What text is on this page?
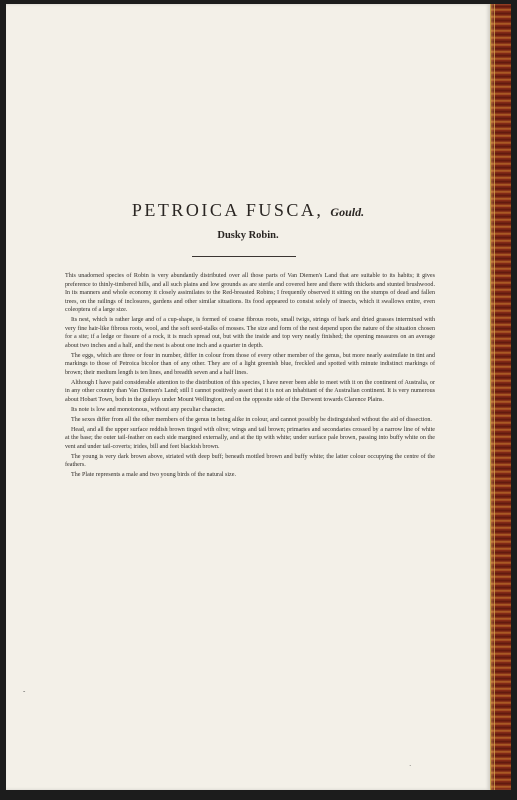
PETROICA FUSCA, Gould.
Dusky Robin.

This unadorned species of Robin is very abundantly distributed over all those parts of Van Diemen's Land that are suitable to its habits; it gives preference to thinly-timbered hills, and all such plains and low grounds as are sterile and covered here and there with thickets and stunted brushwood. In its manners and whole economy it closely assimilates to the Red-breasted Robins; I frequently observed it sitting on the stumps of dead and fallen trees, on the railings of inclosures, gardens and other similar situations. Its food appeared to consist solely of insects, which it swallows entire, even coleoptera of a large size.

Its nest, which is rather large and of a cup-shape, is formed of coarse fibrous roots, small twigs, strings of bark and dried grasses intermixed with very fine hair-like fibrous roots, wool, and the soft seed-stalks of mosses. The size and form of the nest depend upon the nature of the situation chosen for a site; if a ledge or fissure of a rock, it is much spread out, but with the inside and top very neatly finished; the opening measures on an average about two inches and a half, and the nest is about one inch and a quarter in depth.

The eggs, which are three or four in number, differ in colour from those of every other member of the genus, but more nearly assimilate in tint and markings to those of Petroica bicolor than of any other. They are of a light greenish blue, freckled and spotted with minute indistinct markings of brown; their medium length is ten lines, and breadth seven and a half lines.

Although I have paid considerable attention to the distribution of this species, I have never been able to meet with it on the continent of Australia, or in any other country than Van Diemen's Land; still I cannot positively assert that it is not an inhabitant of the Australian continent. It is very numerous about Hobart Town, both in the gulleys under Mount Wellington, and on the opposite side of the Derwent towards Clarence Plains.

Its note is low and monotonous, without any peculiar character.

The sexes differ from all the other members of the genus in being alike in colour, and cannot possibly be distinguished without the aid of dissection.

Head, and all the upper surface reddish brown tinged with olive; wings and tail brown; primaries and secondaries crossed by a narrow line of white at the base; the outer tail-feather on each side margined externally, and at the tip with white; under surface pale brown, passing into buffy white on the vent and under tail-coverts; irides, bill and feet blackish brown.

The young is very dark brown above, striated with deep buff; beneath mottled brown and buffy white; the latter colour occupying the centre of the feathers.

The Plate represents a male and two young birds of the natural size.

-
·
